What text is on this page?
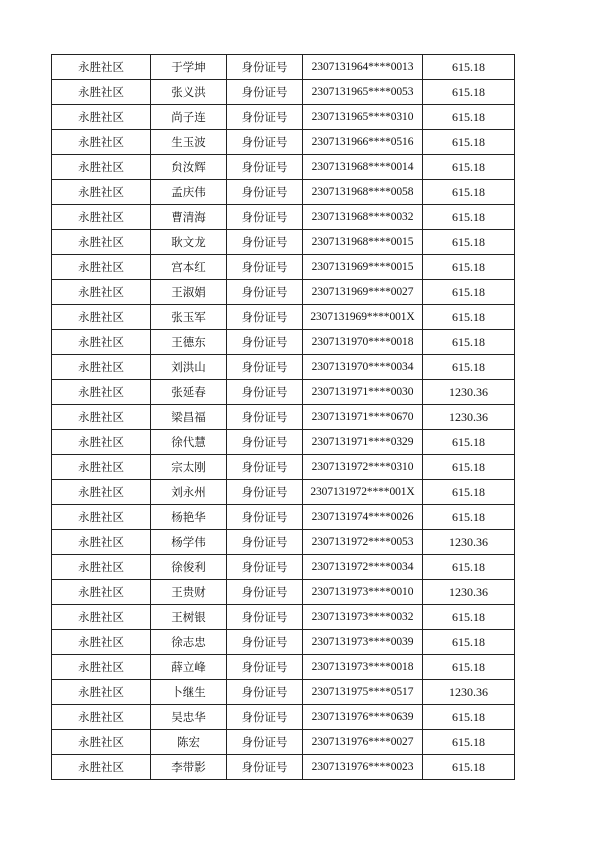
永胜社区	于学坤	身份证号	2307131964****0013	615.18
永胜社区	张义洪	身份证号	2307131965****0053	615.18
永胜社区	尚子连	身份证号	2307131965****0310	615.18
永胜社区	生玉波	身份证号	2307131966****0516	615.18
永胜社区	贠汝辉	身份证号	2307131968****0014	615.18
永胜社区	孟庆伟	身份证号	2307131968****0058	615.18
永胜社区	曹清海	身份证号	2307131968****0032	615.18
永胜社区	耿文龙	身份证号	2307131968****0015	615.18
永胜社区	宫本红	身份证号	2307131969****0015	615.18
永胜社区	王淑娟	身份证号	2307131969****0027	615.18
永胜社区	张玉军	身份证号	2307131969****001X	615.18
永胜社区	王德东	身份证号	2307131970****0018	615.18
永胜社区	刘洪山	身份证号	2307131970****0034	615.18
永胜社区	张延春	身份证号	2307131971****0030	1230.36
永胜社区	梁昌福	身份证号	2307131971****0670	1230.36
永胜社区	徐代慧	身份证号	2307131971****0329	615.18
永胜社区	宗太刚	身份证号	2307131972****0310	615.18
永胜社区	刘永州	身份证号	2307131972****001X	615.18
永胜社区	杨艳华	身份证号	2307131974****0026	615.18
永胜社区	杨学伟	身份证号	2307131972****0053	1230.36
永胜社区	徐俊利	身份证号	2307131972****0034	615.18
永胜社区	王贵财	身份证号	2307131973****0010	1230.36
永胜社区	王树银	身份证号	2307131973****0032	615.18
永胜社区	徐志忠	身份证号	2307131973****0039	615.18
永胜社区	薛立峰	身份证号	2307131973****0018	615.18
永胜社区	卜继生	身份证号	2307131975****0517	1230.36
永胜社区	吴忠华	身份证号	2307131976****0639	615.18
永胜社区	陈宏	身份证号	2307131976****0027	615.18
永胜社区	李带影	身份证号	2307131976****0023	615.18
